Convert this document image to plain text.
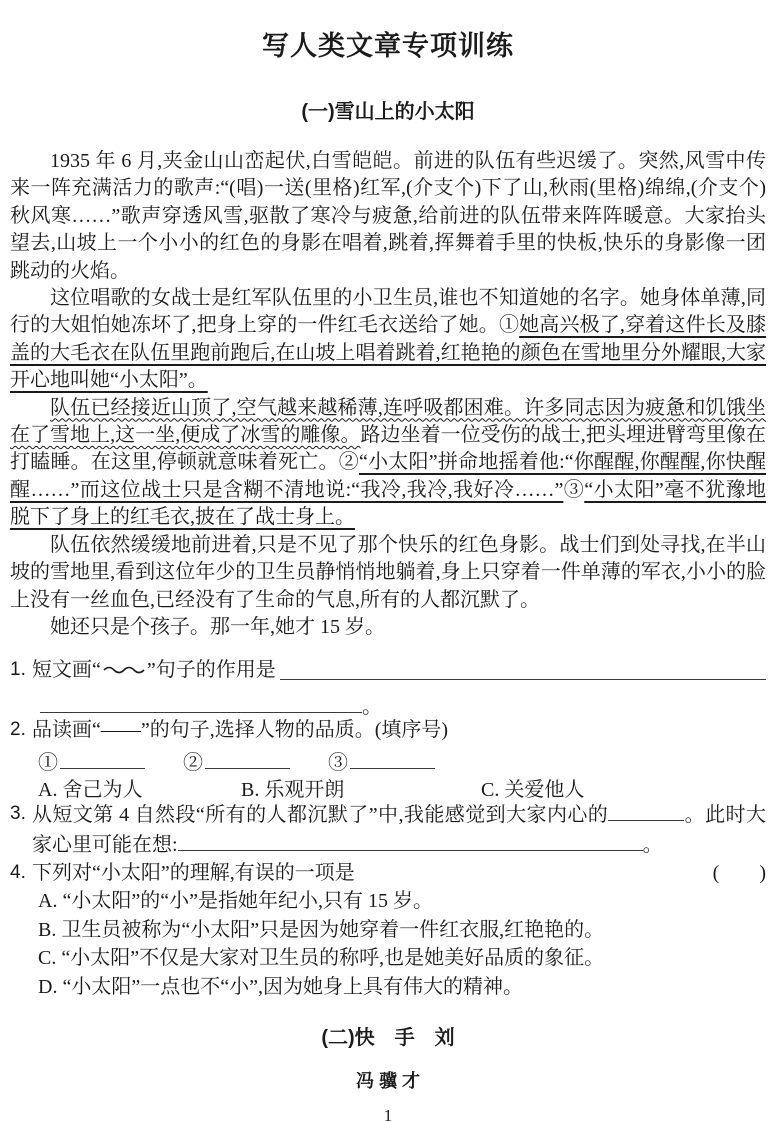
写人类文章专项训练
(一)雪山上的小太阳

1935 年 6 月,夹金山山峦起伏,白雪皑皑。前进的队伍有些迟缓了。突然,风雪中传来一阵充满活力的歌声:“(唱)一送(里格)红军,(介支个)下了山,秋雨(里格)绵绵,(介支个)秋风寒……”歌声穿透风雪,驱散了寒冷与疲惫,给前进的队伍带来阵阵暖意。大家抬头望去,山坡上一个小小的红色的身影在唱着,跳着,挥舞着手里的快板,快乐的身影像一团跳动的火焰。

这位唱歌的女战士是红军队伍里的小卫生员,谁也不知道她的名字。她身体单薄,同行的大姐怕她冻坏了,把身上穿的一件红毛衣送给了她。①她高兴极了,穿着这件长及膝盖的大毛衣在队伍里跑前跑后,在山坡上唱着跳着,红艳艳的颜色在雪地里分外耀眼,大家开心地叫她“小太阳”。

队伍已经接近山顶了,空气越来越稀薄,连呼吸都困难。许多同志因为疲惫和饥饿坐在了雪地上,这一坐,便成了冰雪的雕像。路边坐着一位受伤的战士,把头埋进臂弯里像在打瞌睡。在这里,停顿就意味着死亡。②“小太阳”拼命地摇着他:“你醒醒,你醒醒,你快醒醒……”而这位战士只是含糊不清地说:“我冷,我冷,我好冷……”③“小太阳”毫不犹豫地脱下了身上的红毛衣,披在了战士身上。

队伍依然缓缓地前进着,只是不见了那个快乐的红色身影。战士们到处寻找,在半山坡的雪地里,看到这位年少的卫生员静悄悄地躺着,身上只穿着一件单薄的军衣,小小的脸上没有一丝血色,已经没有了生命的气息,所有的人都沉默了。

她还只是个孩子。那一年,她才 15 岁。

1. 短文画“ ”句子的作用是
。
2. 品读画“——”的句子,选择人物的品质。(填序号)
①	②	③
A. 舍己为人	B. 乐观开朗	C. 关爱他人
3. 从短文第 4 自然段“所有的人都沉默了”中,我能感觉到大家内心的	。此时大家心里可能在想:	。
4. 下列对“小太阳”的理解,有误的一项是	(　　)
A. “小太阳”的“小”是指她年纪小,只有 15 岁。
B. 卫生员被称为“小太阳”只是因为她穿着一件红衣服,红艳艳的。
C. “小太阳”不仅是大家对卫生员的称呼,也是她美好品质的象征。
D. “小太阳”一点也不“小”,因为她身上具有伟大的精神。
(二)快　手　刘
冯 骥 才
1
